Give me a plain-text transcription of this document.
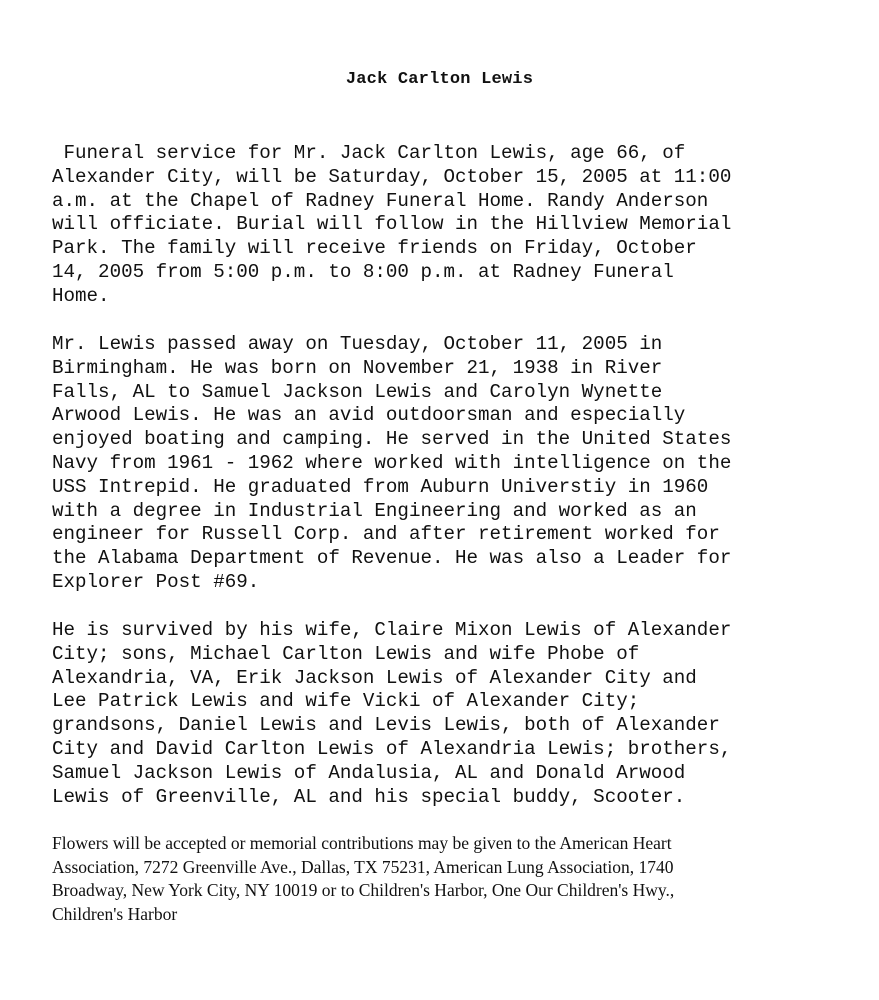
Jack Carlton Lewis

Funeral service for Mr. Jack Carlton Lewis, age 66, of
Alexander City, will be Saturday, October 15, 2005 at 11:00
a.m. at the Chapel of Radney Funeral Home. Randy Anderson
will officiate. Burial will follow in the Hillview Memorial
Park. The family will receive friends on Friday, October
14, 2005 from 5:00 p.m. to 8:00 p.m. at Radney Funeral
Home.

Mr. Lewis passed away on Tuesday, October 11, 2005 in
Birmingham. He was born on November 21, 1938 in River
Falls, AL to Samuel Jackson Lewis and Carolyn Wynette
Arwood Lewis. He was an avid outdoorsman and especially
enjoyed boating and camping. He served in the United States
Navy from 1961 - 1962 where worked with intelligence on the
USS Intrepid. He graduated from Auburn Universtiy in 1960
with a degree in Industrial Engineering and worked as an
engineer for Russell Corp. and after retirement worked for
the Alabama Department of Revenue. He was also a Leader for
Explorer Post #69.

He is survived by his wife, Claire Mixon Lewis of Alexander
City; sons, Michael Carlton Lewis and wife Phobe of
Alexandria, VA, Erik Jackson Lewis of Alexander City and
Lee Patrick Lewis and wife Vicki of Alexander City;
grandsons, Daniel Lewis and Levis Lewis, both of Alexander
City and David Carlton Lewis of Alexandria Lewis; brothers,
Samuel Jackson Lewis of Andalusia, AL and Donald Arwood
Lewis of Greenville, AL and his special buddy, Scooter.

Flowers will be accepted or memorial contributions may be given to the American Heart
Association, 7272 Greenville Ave., Dallas, TX 75231, American Lung Association, 1740
Broadway, New York City, NY 10019 or to Children's Harbor, One Our Children's Hwy.,
Children's Harbor
